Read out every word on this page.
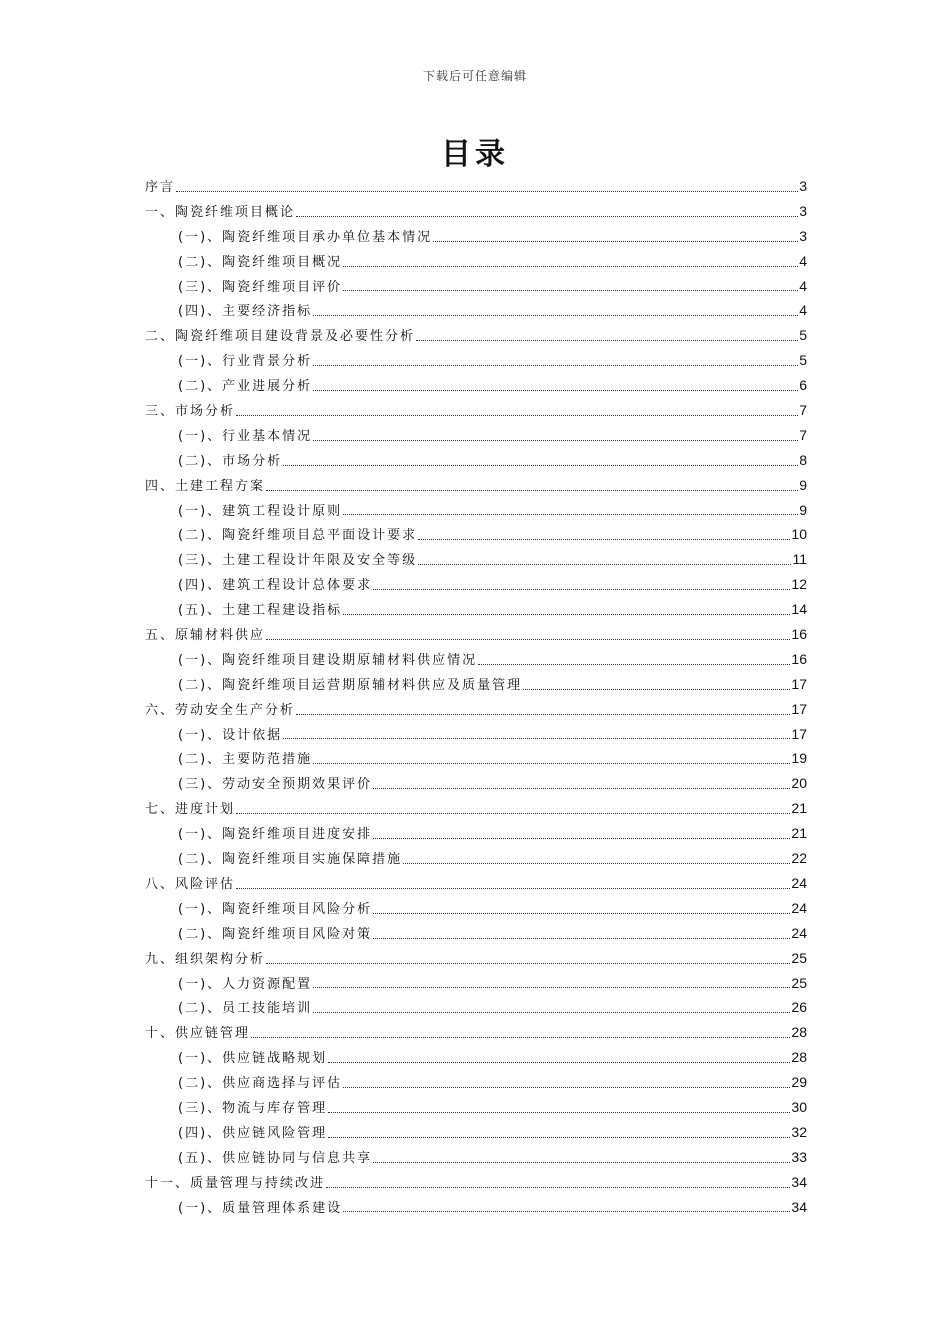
下载后可任意编辑
目录
序言	3
一、陶瓷纤维项目概论	3
(一)、陶瓷纤维项目承办单位基本情况	3
(二)、陶瓷纤维项目概况	4
(三)、陶瓷纤维项目评价	4
(四)、主要经济指标	4
二、陶瓷纤维项目建设背景及必要性分析	5
(一)、行业背景分析	5
(二)、产业进展分析	6
三、市场分析	7
(一)、行业基本情况	7
(二)、市场分析	8
四、土建工程方案	9
(一)、建筑工程设计原则	9
(二)、陶瓷纤维项目总平面设计要求	10
(三)、土建工程设计年限及安全等级	11
(四)、建筑工程设计总体要求	12
(五)、土建工程建设指标	14
五、原辅材料供应	16
(一)、陶瓷纤维项目建设期原辅材料供应情况	16
(二)、陶瓷纤维项目运营期原辅材料供应及质量管理	17
六、劳动安全生产分析	17
(一)、设计依据	17
(二)、主要防范措施	19
(三)、劳动安全预期效果评价	20
七、进度计划	21
(一)、陶瓷纤维项目进度安排	21
(二)、陶瓷纤维项目实施保障措施	22
八、风险评估	24
(一)、陶瓷纤维项目风险分析	24
(二)、陶瓷纤维项目风险对策	24
九、组织架构分析	25
(一)、人力资源配置	25
(二)、员工技能培训	26
十、供应链管理	28
(一)、供应链战略规划	28
(二)、供应商选择与评估	29
(三)、物流与库存管理	30
(四)、供应链风险管理	32
(五)、供应链协同与信息共享	33
十一、质量管理与持续改进	34
(一)、质量管理体系建设	34
